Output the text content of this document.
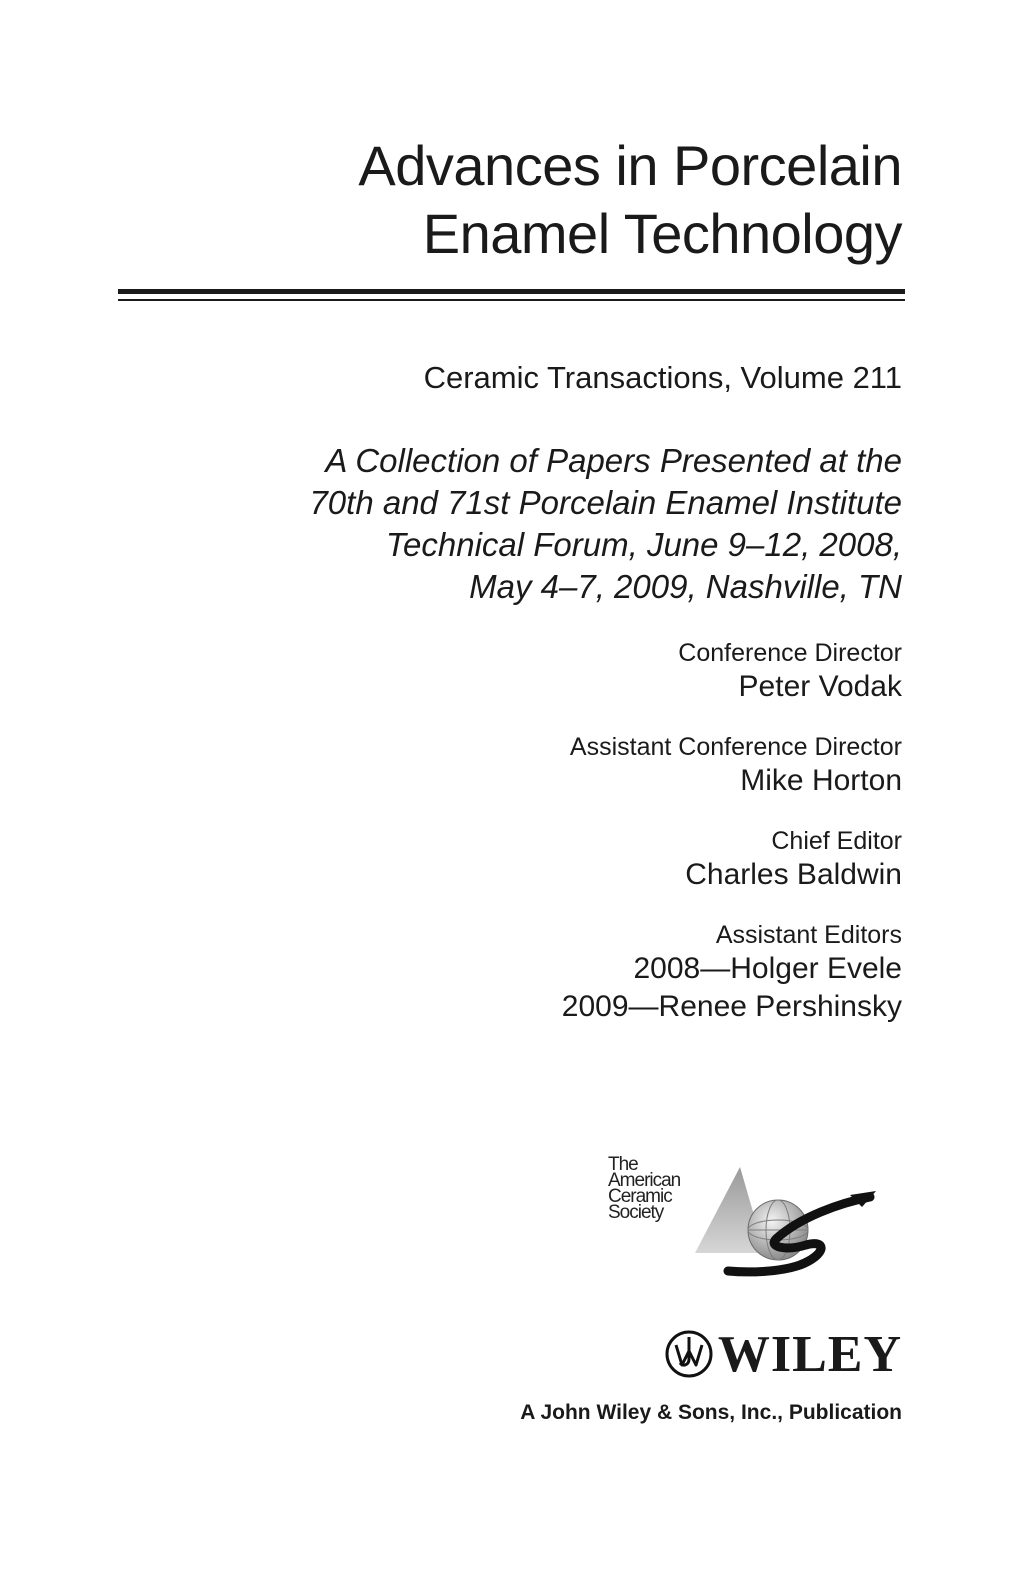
Advances in Porcelain
Enamel Technology
Ceramic Transactions, Volume 211
A Collection of Papers Presented at the
70th and 71st Porcelain Enamel Institute
Technical Forum, June 9–12, 2008,
May 4–7, 2009, Nashville, TN
Conference Director
Peter Vodak
Assistant Conference Director
Mike Horton
Chief Editor
Charles Baldwin
Assistant Editors
2008—Holger Evele
2009—Renee Pershinsky
The
American
Ceramic
Society
WILEY
A John Wiley & Sons, Inc., Publication
